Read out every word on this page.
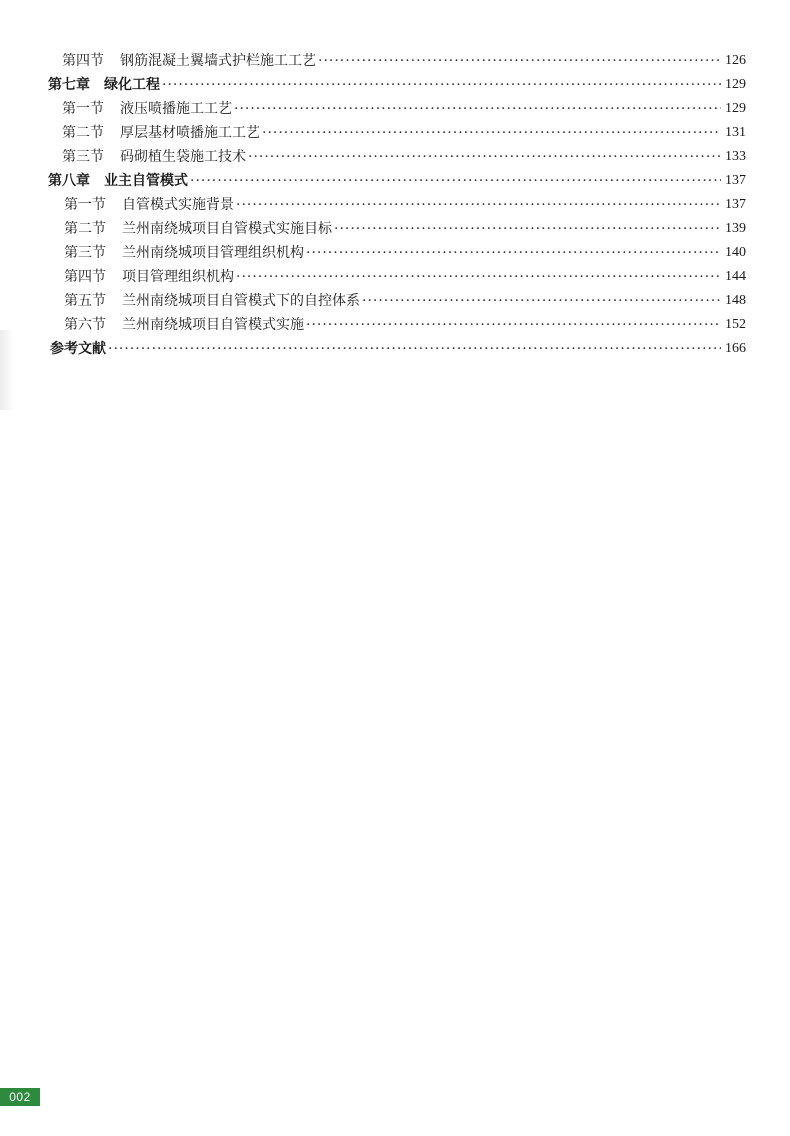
第四节 钢筋混凝土翼墙式护栏施工工艺 ·····	126
第七章 绿化工程 ·····	129
第一节 液压喷播施工工艺 ·····	129
第二节 厚层基材喷播施工工艺 ·····	131
第三节 码砌植生袋施工技术 ·····	133
第八章 业主自管模式 ·····	137
第一节 自管模式实施背景 ·····	137
第二节 兰州南绕城项目自管模式实施目标 ·····	139
第三节 兰州南绕城项目管理组织机构 ·····	140
第四节 项目管理组织机构 ·····	144
第五节 兰州南绕城项目自管模式下的自控体系 ·····	148
第六节 兰州南绕城项目自管模式实施 ·····	152
参考文献 ·····	166
002
